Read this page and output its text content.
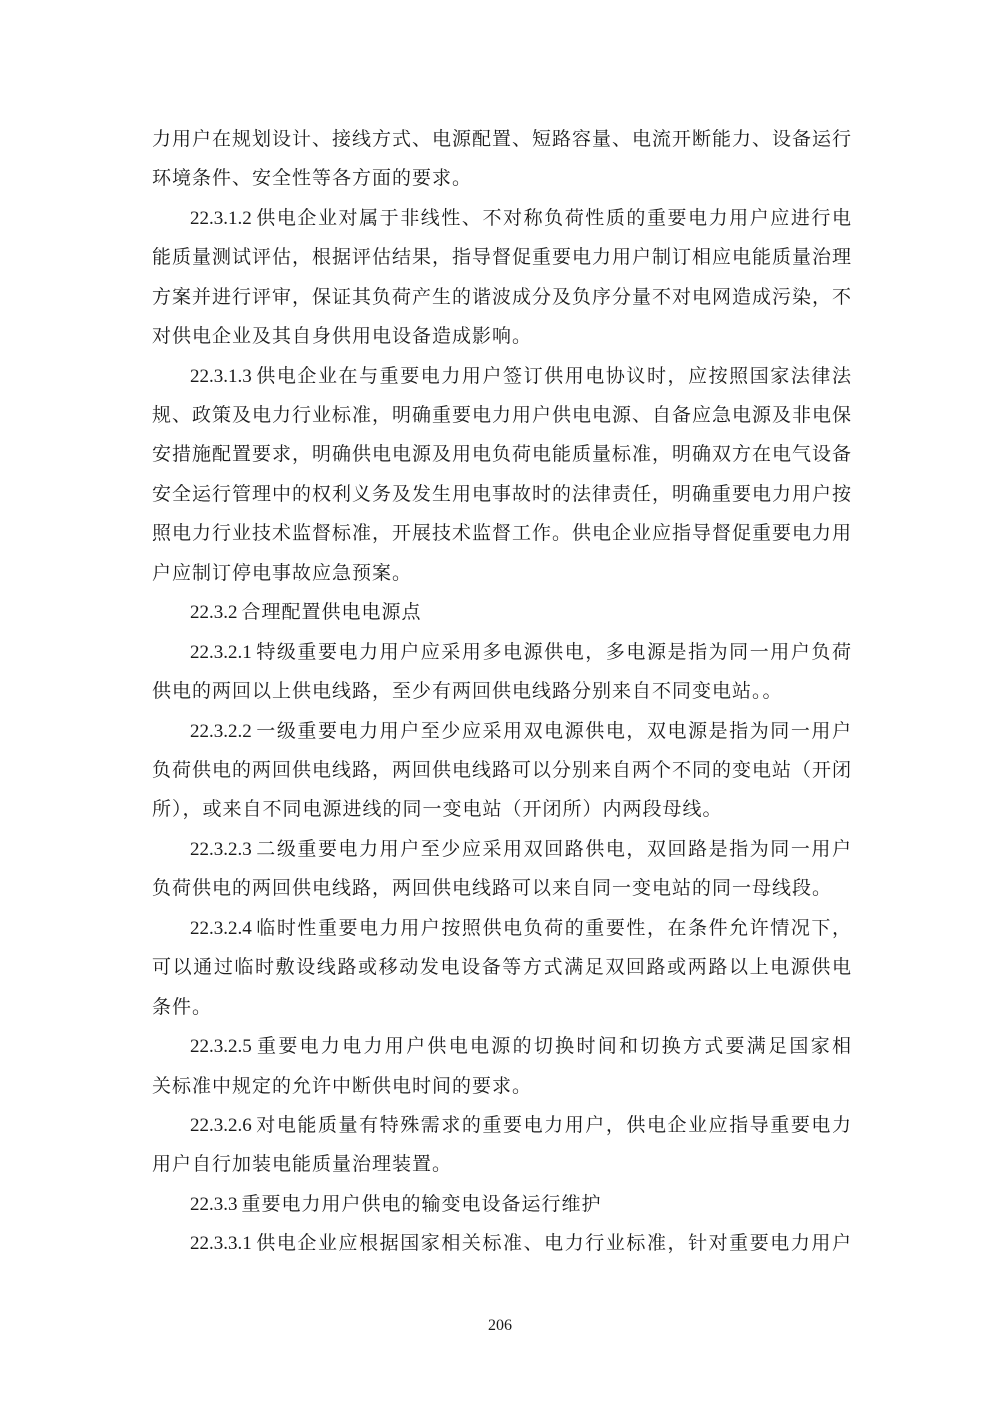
力用户在规划设计、接线方式、电源配置、短路容量、电流开断能力、设备运行
环境条件、安全性等各方面的要求。
22.3.1.2 供电企业对属于非线性、不对称负荷性质的重要电力用户应进行电
能质量测试评估，根据评估结果，指导督促重要电力用户制订相应电能质量治理
方案并进行评审，保证其负荷产生的谐波成分及负序分量不对电网造成污染，不
对供电企业及其自身供用电设备造成影响。
22.3.1.3 供电企业在与重要电力用户签订供用电协议时，应按照国家法律法
规、政策及电力行业标准，明确重要电力用户供电电源、自备应急电源及非电保
安措施配置要求，明确供电电源及用电负荷电能质量标准，明确双方在电气设备
安全运行管理中的权利义务及发生用电事故时的法律责任，明确重要电力用户按
照电力行业技术监督标准，开展技术监督工作。供电企业应指导督促重要电力用
户应制订停电事故应急预案。
22.3.2 合理配置供电电源点
22.3.2.1 特级重要电力用户应采用多电源供电，多电源是指为同一用户负荷
供电的两回以上供电线路，至少有两回供电线路分别来自不同变电站。。
22.3.2.2 一级重要电力用户至少应采用双电源供电，双电源是指为同一用户
负荷供电的两回供电线路，两回供电线路可以分别来自两个不同的变电站（开闭
所），或来自不同电源进线的同一变电站（开闭所）内两段母线。
22.3.2.3 二级重要电力用户至少应采用双回路供电，双回路是指为同一用户
负荷供电的两回供电线路，两回供电线路可以来自同一变电站的同一母线段。
22.3.2.4 临时性重要电力用户按照供电负荷的重要性，在条件允许情况下，
可以通过临时敷设线路或移动发电设备等方式满足双回路或两路以上电源供电
条件。
22.3.2.5 重要电力电力用户供电电源的切换时间和切换方式要满足国家相
关标准中规定的允许中断供电时间的要求。
22.3.2.6 对电能质量有特殊需求的重要电力用户，供电企业应指导重要电力
用户自行加装电能质量治理装置。
22.3.3 重要电力用户供电的输变电设备运行维护
22.3.3.1 供电企业应根据国家相关标准、电力行业标准，针对重要电力用户
206
